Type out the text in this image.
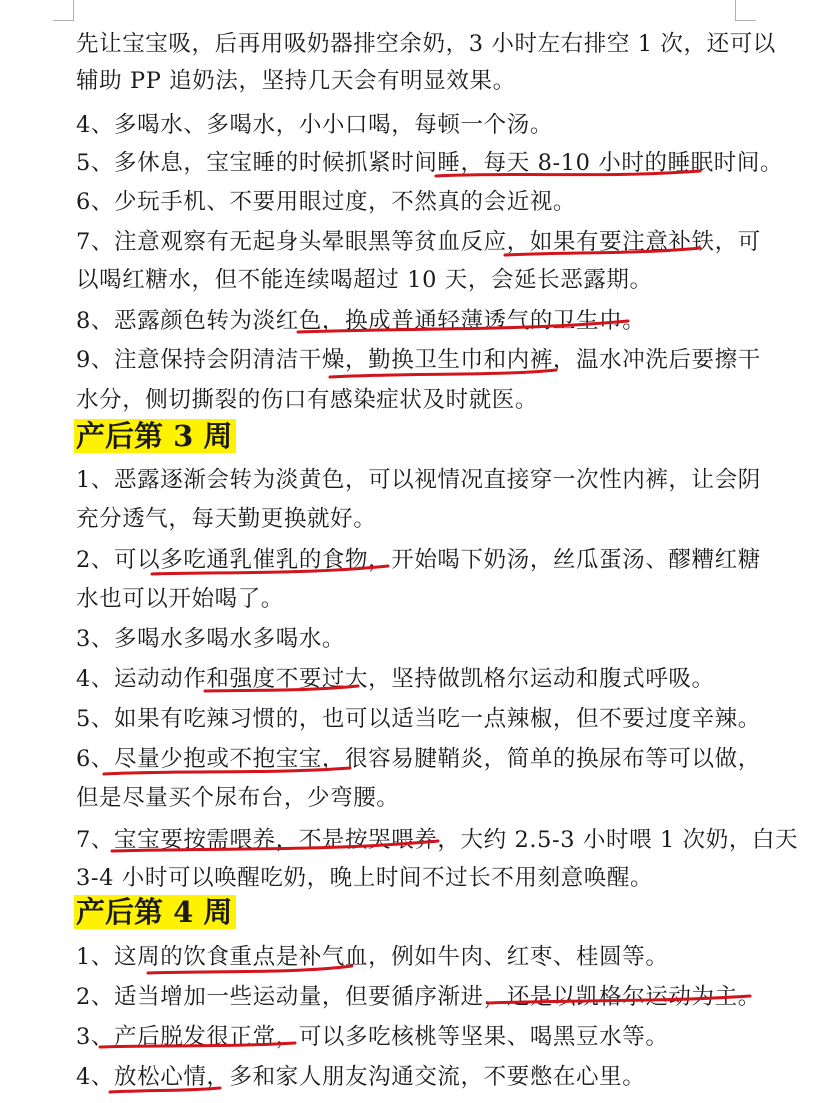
先让宝宝吸，后再用吸奶器排空余奶，3 小时左右排空 1 次，还可以
辅助 PP 追奶法，坚持几天会有明显效果。
4、多喝水、多喝水，小小口喝，每顿一个汤。
5、多休息，宝宝睡的时候抓紧时间睡，每天 8-10 小时的睡眠时间。
6、少玩手机、不要用眼过度，不然真的会近视。
7、注意观察有无起身头晕眼黑等贫血反应，如果有要注意补铁，可
以喝红糖水，但不能连续喝超过 10 天，会延长恶露期。
8、恶露颜色转为淡红色，换成普通轻薄透气的卫生巾。
9、注意保持会阴清洁干燥，勤换卫生巾和内裤，温水冲洗后要擦干
水分，侧切撕裂的伤口有感染症状及时就医。
产后第 3 周
1、恶露逐渐会转为淡黄色，可以视情况直接穿一次性内裤，让会阴
充分透气，每天勤更换就好。
2、可以多吃通乳催乳的食物，开始喝下奶汤，丝瓜蛋汤、醪糟红糖
水也可以开始喝了。
3、多喝水多喝水多喝水。
4、运动动作和强度不要过大，坚持做凯格尔运动和腹式呼吸。
5、如果有吃辣习惯的，也可以适当吃一点辣椒，但不要过度辛辣。
6、尽量少抱或不抱宝宝，很容易腱鞘炎，简单的换尿布等可以做，
但是尽量买个尿布台，少弯腰。
7、宝宝要按需喂养，不是按哭喂养，大约 2.5-3 小时喂 1 次奶，白天
3-4 小时可以唤醒吃奶，晚上时间不过长不用刻意唤醒。
产后第 4 周
1、这周的饮食重点是补气血，例如牛肉、红枣、桂圆等。
2、适当增加一些运动量，但要循序渐进，还是以凯格尔运动为主。
3、产后脱发很正常，可以多吃核桃等坚果、喝黑豆水等。
4、放松心情，多和家人朋友沟通交流，不要憋在心里。
